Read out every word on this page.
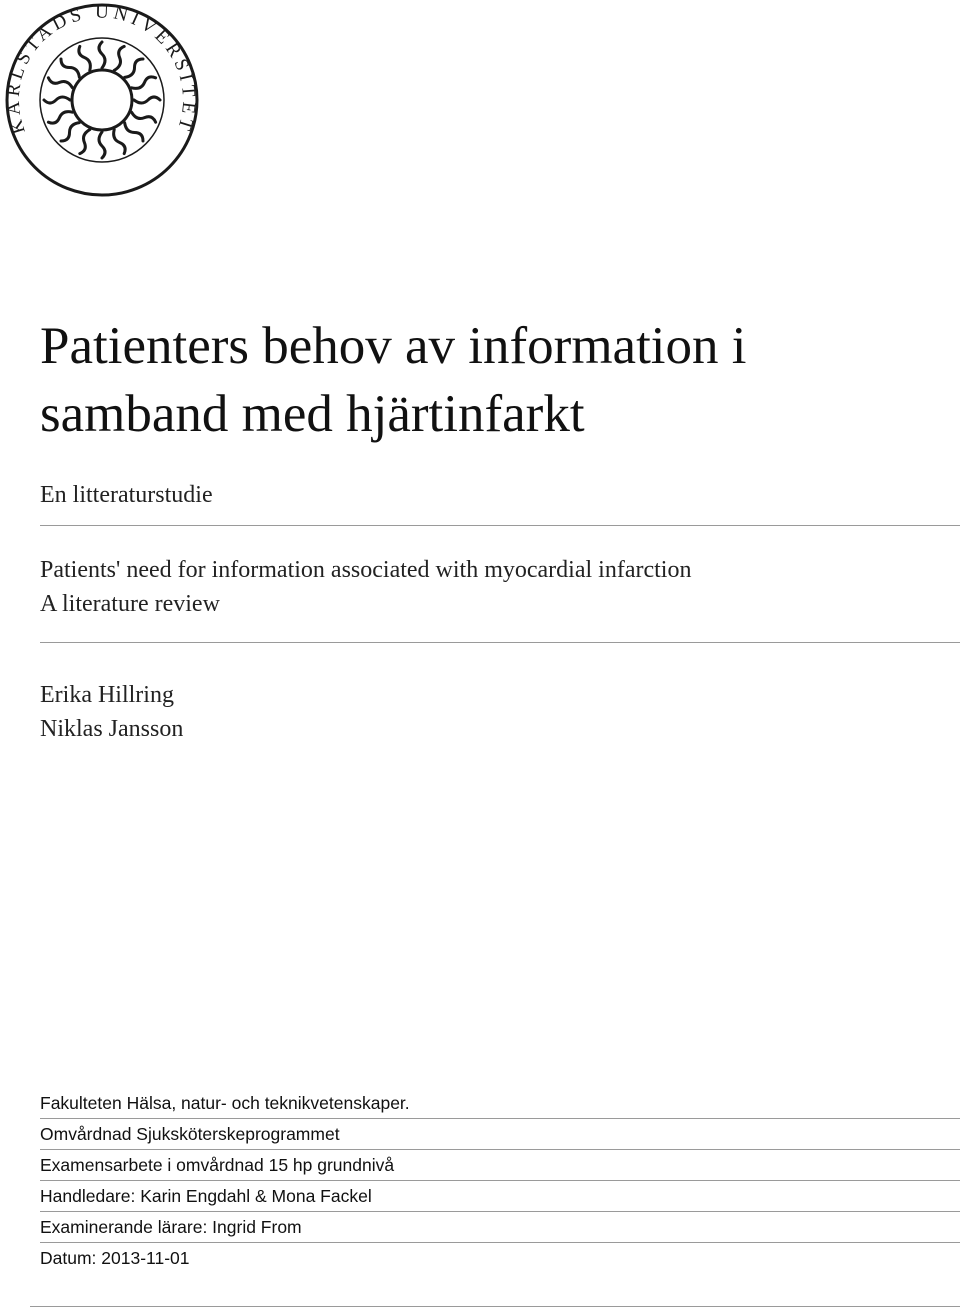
KARLSTADS UNIVERSITET
Patienters behov av information i
samband med hjärtinfarkt
En litteraturstudie
Patients' need for information associated with myocardial infarction
A literature review
Erika Hillring
Niklas Jansson
Fakulteten Hälsa, natur- och teknikvetenskaper.
Omvårdnad Sjuksköterskeprogrammet
Examensarbete i omvårdnad 15 hp grundnivå
Handledare: Karin Engdahl & Mona Fackel
Examinerande lärare: Ingrid From
Datum: 2013-11-01
